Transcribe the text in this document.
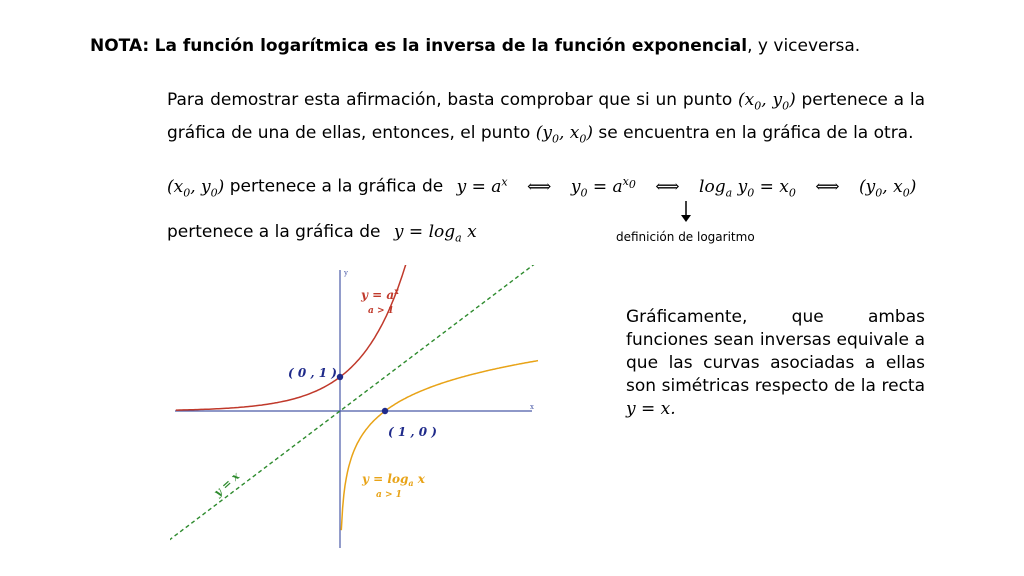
NOTA: La función logarítmica es la inversa de la función exponencial, y viceversa.
Para demostrar esta afirmación, basta comprobar que si un punto ($x_0$, $y_0$) pertenece a la gráfica de una de ellas, entonces, el punto ($y_0$, $x_0$) se encuentra en la gráfica de la otra.
($x_0$, $y_0$) pertenece a la gráfica de $y = a^x$ ⟺ $y_0 = a^{x_0}$ ⟺ $\log_a y_0 = x_0$ ⟺ ($y_0$, $x_0$)
definición de logaritmo
pertenece a la gráfica de $y = \log_a x$
Gráficamente, que ambas funciones sean inversas equivale a que las curvas asociadas a ellas son simétricas respecto de la recta y = x.
x
y
( 0 , 1 )
( 1 , 0 )
$y = a^x$
a > 1
$y = \log_a x$
a > 1
y = x
